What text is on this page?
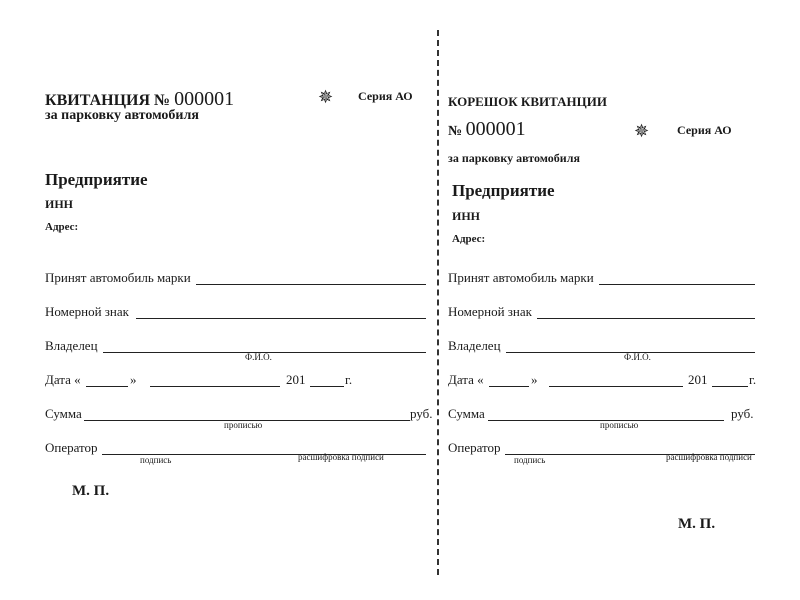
КВИТАНЦИЯ № 000001
за парковку автомобиля
✵ Серия АО
Предприятие
ИНН
Адрес:
Принят автомобиль марки
Номерной знак
Владелец
Ф.И.О.
Дата «	»	201	г.
Сумма	руб.
прописью
Оператор
подпись	расшифровка подписи
М. П.
КОРЕШОК КВИТАНЦИИ
№ 000001	✵ Серия АО
за парковку автомобиля
Предприятие
ИНН
Адрес:
Принят автомобиль марки
Номерной знак
Владелец
Ф.И.О.
Дата «	»	201	г.
Сумма	руб.
прописью
Оператор
подпись	расшифровка подписи
М. П.
